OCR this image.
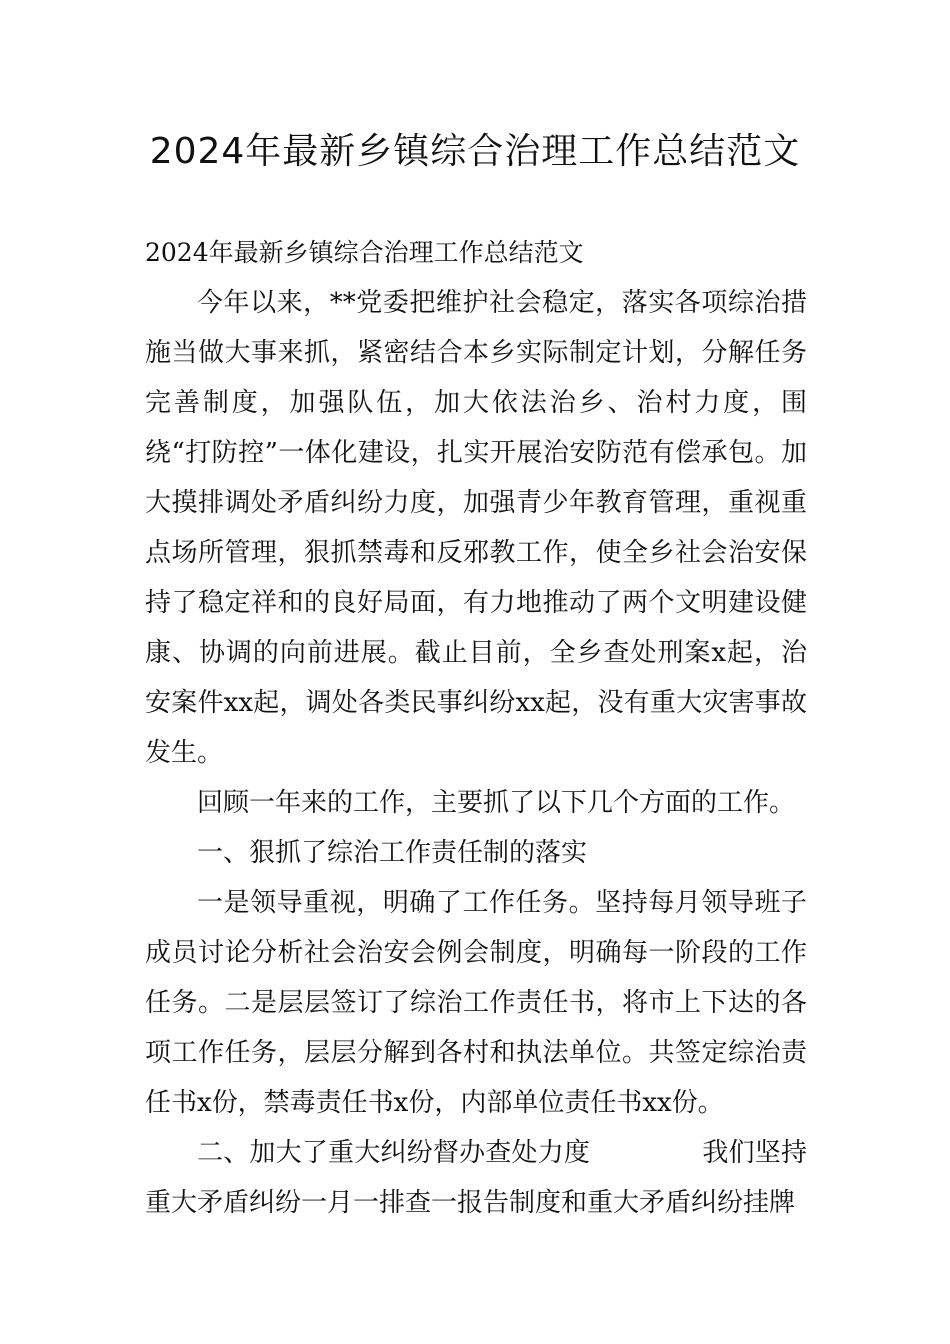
2024年最新乡镇综合治理工作总结范文

2024年最新乡镇综合治理工作总结范文

今年以来，**党委把维护社会稳定，落实各项综治措施当做大事来抓，紧密结合本乡实际制定计划，分解任务完善制度，加强队伍，加大依法治乡、治村力度，围绕“打防控”一体化建设，扎实开展治安防范有偿承包。加大摸排调处矛盾纠纷力度，加强青少年教育管理，重视重点场所管理，狠抓禁毒和反邪教工作，使全乡社会治安保持了稳定祥和的良好局面，有力地推动了两个文明建设健康、协调的向前进展。截止目前，全乡查处刑案x起，治安案件xx起，调处各类民事纠纷xx起，没有重大灾害事故发生。

回顾一年来的工作，主要抓了以下几个方面的工作。

一、狠抓了综治工作责任制的落实

一是领导重视，明确了工作任务。坚持每月领导班子成员讨论分析社会治安会例会制度，明确每一阶段的工作任务。二是层层签订了综治工作责任书，将市上下达的各项工作任务，层层分解到各村和执法单位。共签定综治责任书x份，禁毒责任书x份，内部单位责任书xx份。

二、加大了重大纠纷督办查处力度	我们坚持重大矛盾纠纷一月一排查一报告制度和重大矛盾纠纷挂牌
